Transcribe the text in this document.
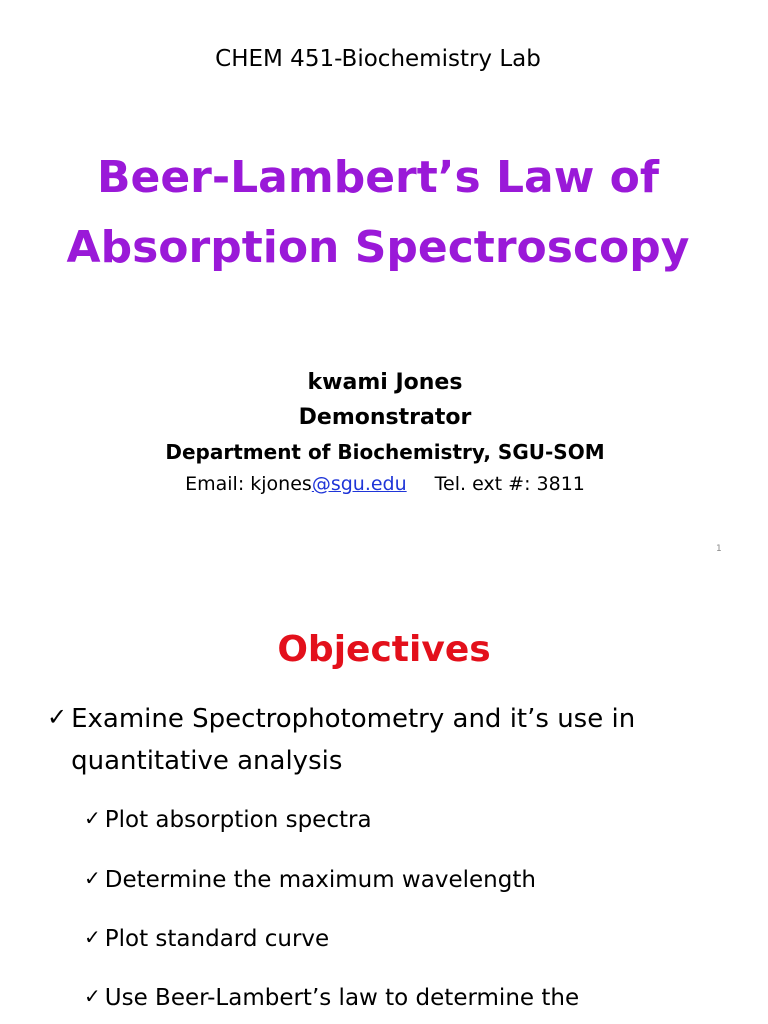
CHEM 451-Biochemistry Lab
Beer-Lambert’s Law of
Absorption Spectroscopy
kwami Jones
Demonstrator
Department of Biochemistry, SGU-SOM
Email: kjones@sgu.edu Tel. ext #: 3811
1
Objectives
✓ Examine Spectrophotometry and it’s use in quantitative analysis
✓ Plot absorption spectra
✓ Determine the maximum wavelength
✓ Plot standard curve
✓ Use Beer-Lambert’s law to determine the
